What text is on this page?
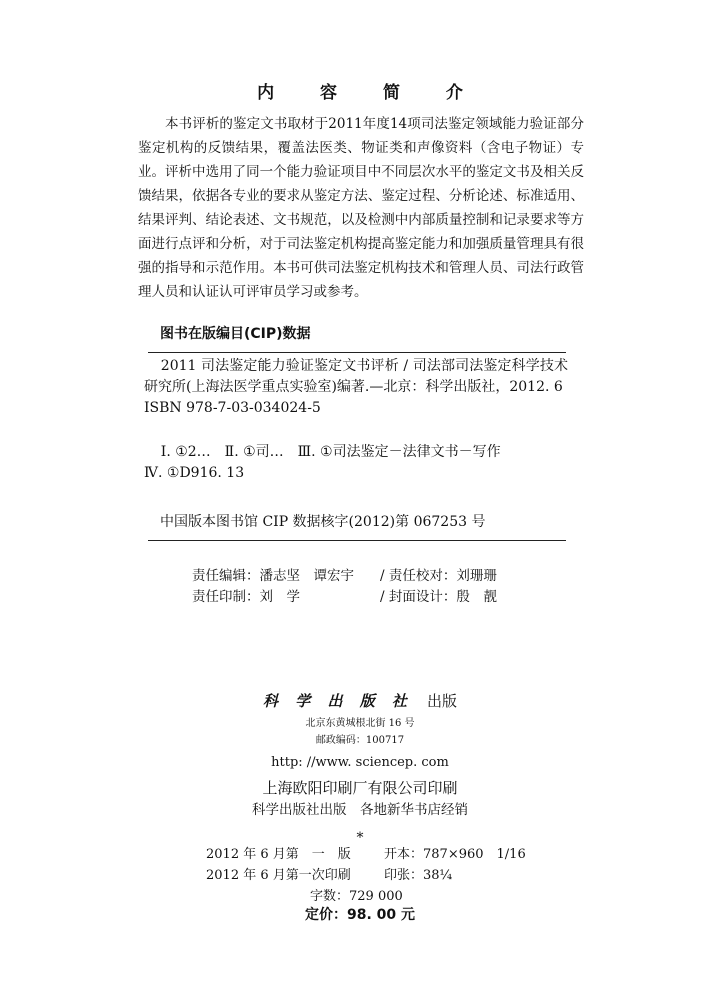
内 容 简 介

本书评析的鉴定文书取材于2011年度14项司法鉴定领域能力验证部分鉴定机构的反馈结果，覆盖法医类、物证类和声像资料（含电子物证）专业。评析中选用了同一个能力验证项目中不同层次水平的鉴定文书及相关反馈结果，依据各专业的要求从鉴定方法、鉴定过程、分析论述、标准适用、结果评判、结论表述、文书规范，以及检测中内部质量控制和记录要求等方面进行点评和分析，对于司法鉴定机构提高鉴定能力和加强质量管理具有很强的指导和示范作用。本书可供司法鉴定机构技术和管理人员、司法行政管理人员和认证认可评审员学习或参考。

图书在版编目(CIP)数据

2011 司法鉴定能力验证鉴定文书评析 / 司法部司法鉴定科学技术研究所(上海法医学重点实验室)编著.—北京：科学出版社，2012. 6

ISBN 978-7-03-034024-5

Ⅰ. ①2…　Ⅱ. ①司…　Ⅲ. ①司法鉴定－法律文书－写作

Ⅳ. ①D916. 13

中国版本图书馆 CIP 数据核字(2012)第 067253 号
责任编辑：潘志坚　谭宏宇	/ 责任校对：刘珊珊
责任印制：刘　学	/ 封面设计：殷　靓
科 学 出 版 社 出版
北京东黄城根北街 16 号
邮政编码：100717
http: //www. sciencep. com
上海欧阳印刷厂有限公司印刷
科学出版社出版　各地新华书店经销
*
2012 年 6 月第　一　版	开本：787×960　1/16
2012 年 6 月第一次印刷	印张：38¼
字数：729 000
定价：98. 00 元
